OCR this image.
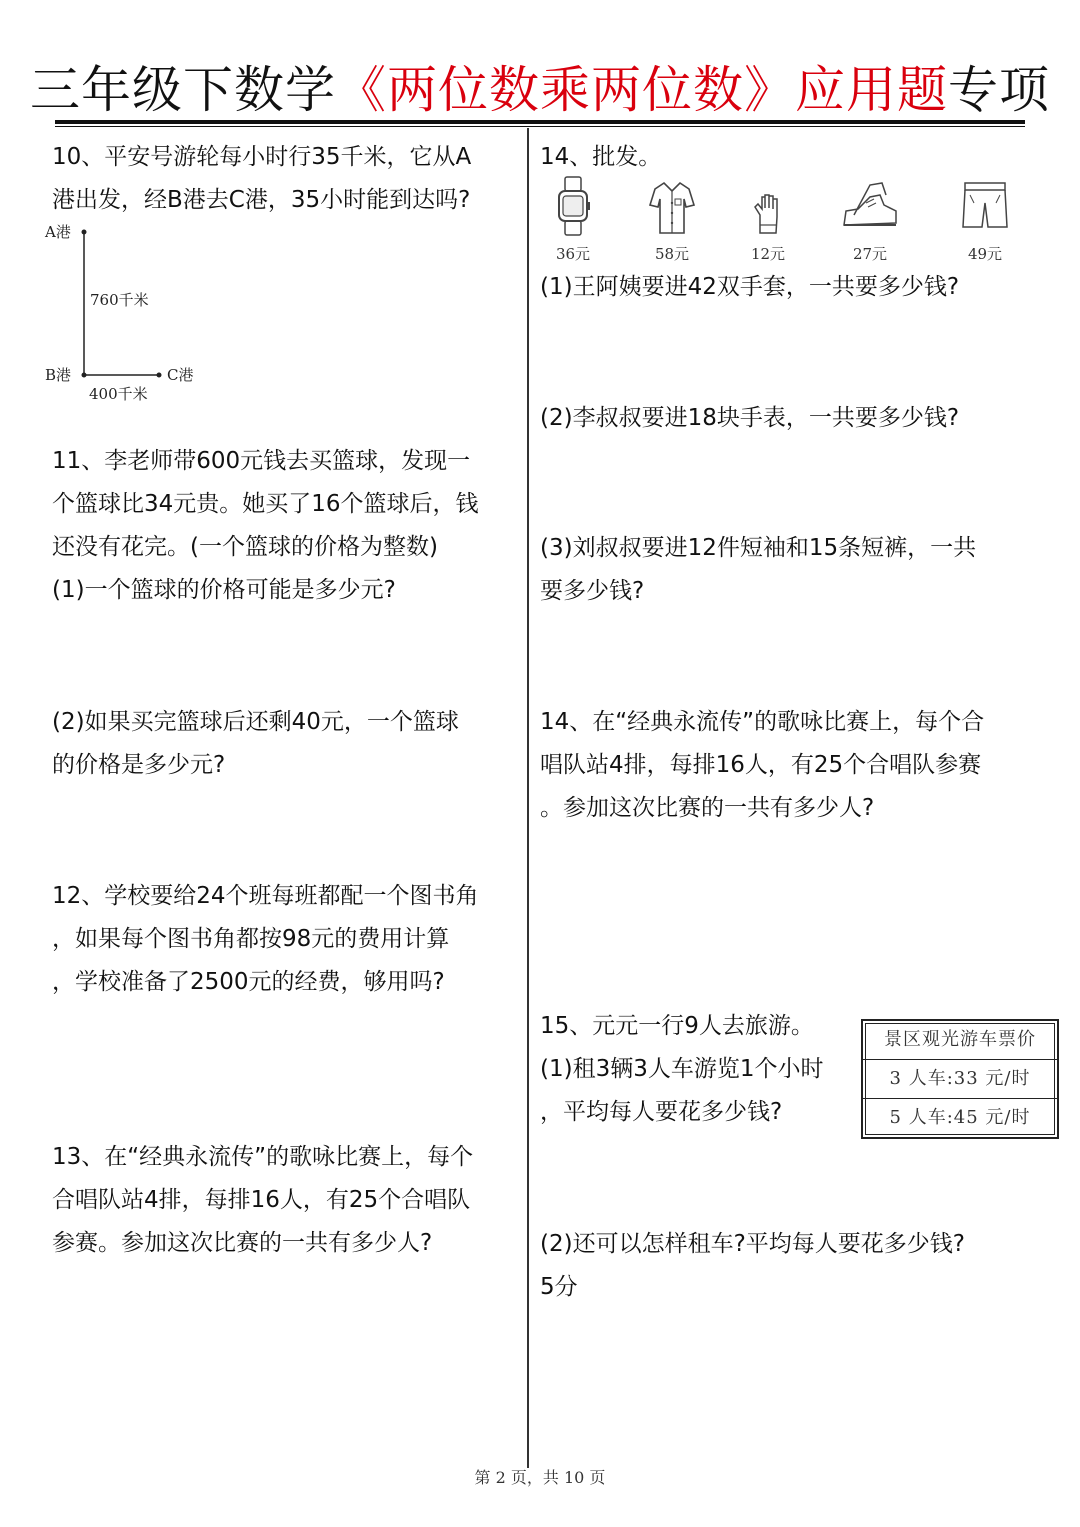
三年级下数学《两位数乘两位数》应用题专项
10、平安号游轮每小时行35千米，它从A
港出发，经B港去C港，35小时能到达吗?
A港
B港	C港
760千米
400千米
11、李老师带600元钱去买篮球，发现一
个篮球比34元贵。她买了16个篮球后，钱
还没有花完。(一个篮球的价格为整数)
(1)一个篮球的价格可能是多少元?
(2)如果买完篮球后还剩40元，一个篮球
的价格是多少元?
12、学校要给24个班每班都配一个图书角
，如果每个图书角都按98元的费用计算
，学校准备了2500元的经费，够用吗?
13、在“经典永流传”的歌咏比赛上，每个
合唱队站4排，每排16人，有25个合唱队
参赛。参加这次比赛的一共有多少人?
14、批发。
36元	58元	12元	27元	49元
(1)王阿姨要进42双手套，一共要多少钱?
(2)李叔叔要进18块手表，一共要多少钱?
(3)刘叔叔要进12件短袖和15条短裤，一共
要多少钱?
14、在“经典永流传”的歌咏比赛上，每个合
唱队站4排，每排16人，有25个合唱队参赛
。参加这次比赛的一共有多少人?
15、元元一行9人去旅游。
(1)租3辆3人车游览1个小时
，平均每人要花多少钱?
景区观光游车票价
3 人车:33 元/时
5 人车:45 元/时
(2)还可以怎样租车?平均每人要花多少钱?
5分
第 2 页，共 10 页
